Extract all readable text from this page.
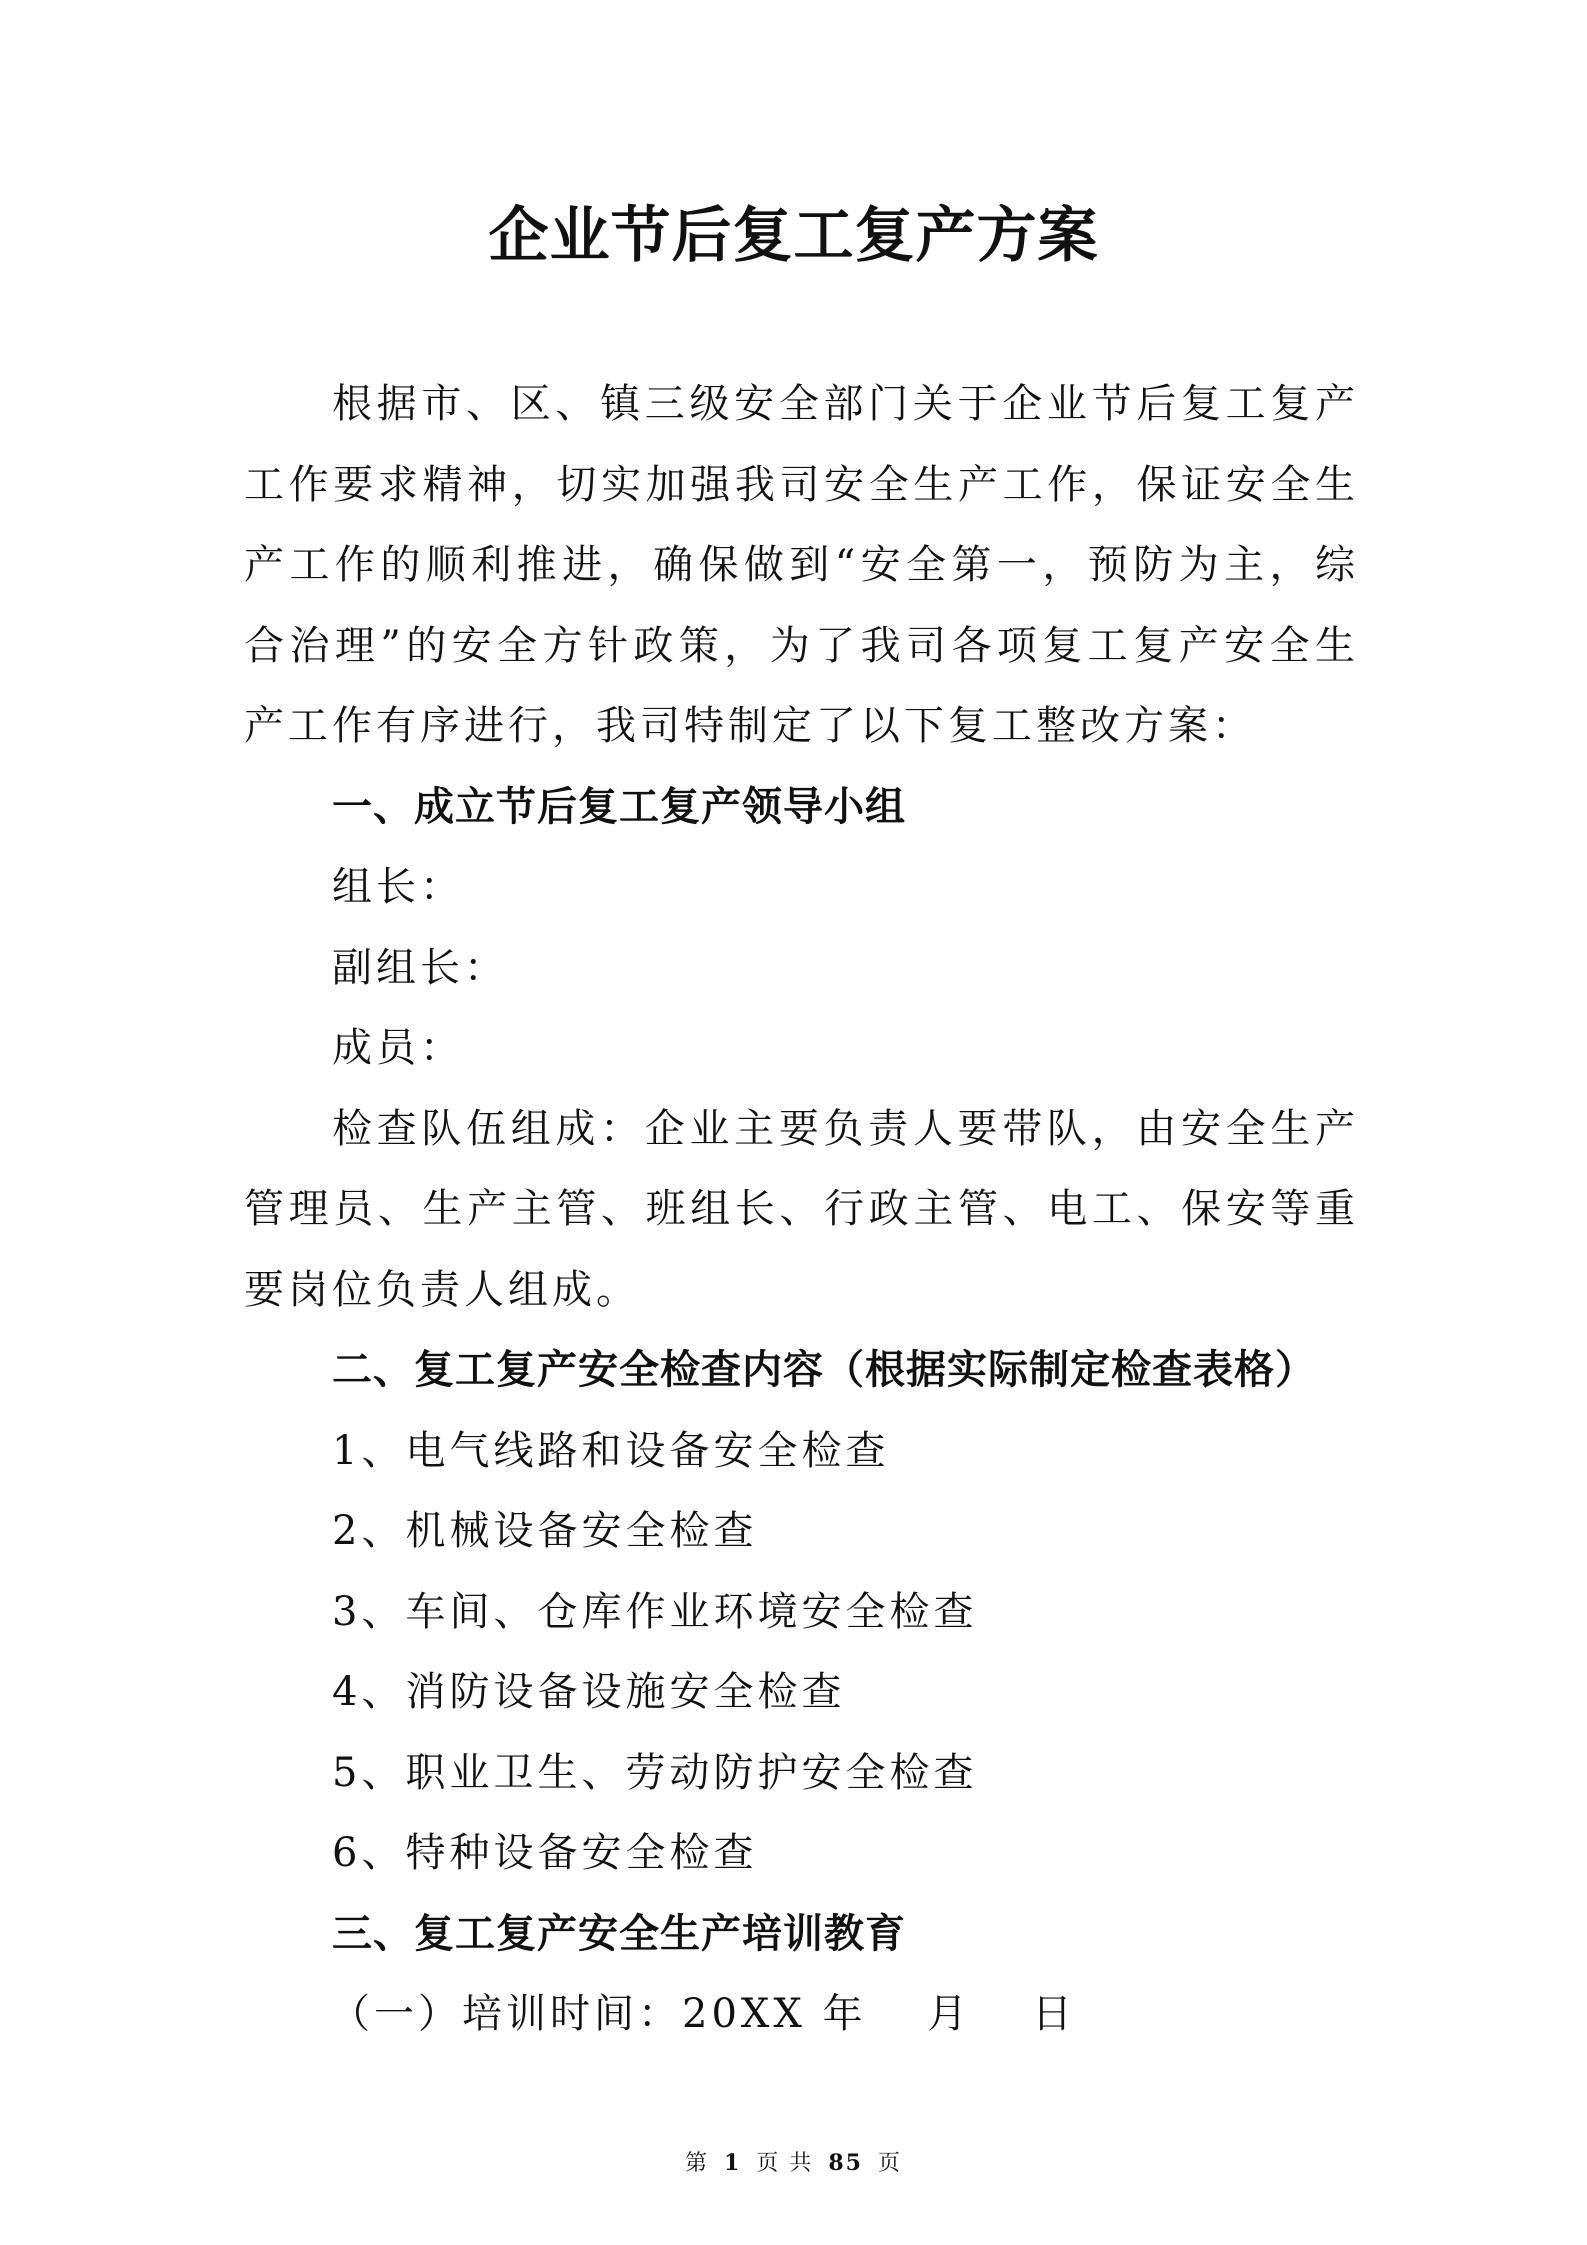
企业节后复工复产方案

根据市、区、镇三级安全部门关于企业节后复工复产工作要求精神，切实加强我司安全生产工作，保证安全生产工作的顺利推进，确保做到“安全第一，预防为主，综合治理”的安全方针政策，为了我司各项复工复产安全生产工作有序进行，我司特制定了以下复工整改方案：

一、成立节后复工复产领导小组

组长：

副组长：

成员：

检查队伍组成：企业主要负责人要带队，由安全生产管理员、生产主管、班组长、行政主管、电工、保安等重要岗位负责人组成。

二、复工复产安全检查内容（根据实际制定检查表格）

1、电气线路和设备安全检查

2、机械设备安全检查

3、车间、仓库作业环境安全检查

4、消防设备设施安全检查

5、职业卫生、劳动防护安全检查

6、特种设备安全检查

三、复工复产安全生产培训教育

（一）培训时间：20XX 年　 月　 日

第 1 页 共 85 页
